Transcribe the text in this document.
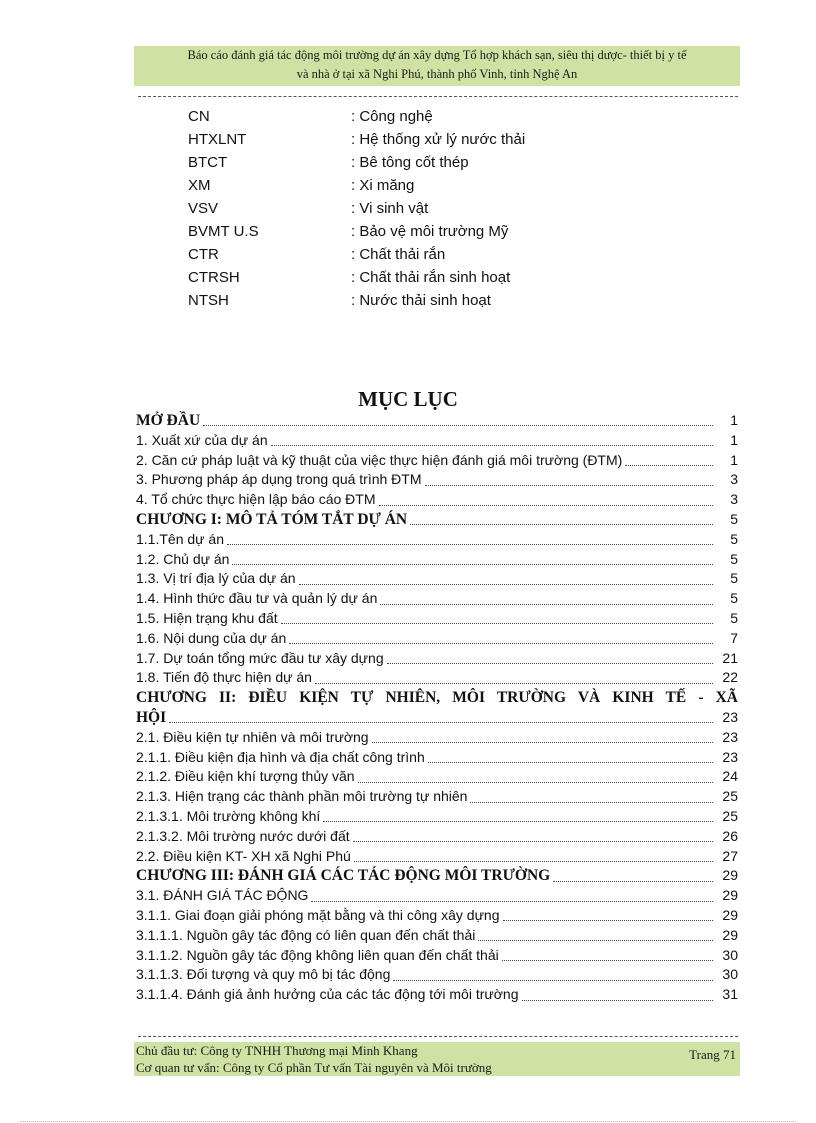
Báo cáo đánh giá tác động môi trường dự án xây dựng Tổ hợp khách sạn, siêu thị dược- thiết bị y tế
và nhà ở tại xã Nghi Phú, thành phố Vinh, tỉnh Nghệ An
CN	: Công nghệ
HTXLNT	: Hệ thống xử lý nước thải
BTCT	: Bê tông cốt thép
XM	: Xi măng
VSV	: Vi sinh vật
BVMT U.S	: Bảo vệ môi trường Mỹ
CTR	: Chất thải rắn
CTRSH	: Chất thải rắn sinh hoạt
NTSH	: Nước thải sinh hoạt
MỤC LỤC
MỞ ĐẦU	1
1. Xuất xứ của dự án	1
2. Căn cứ pháp luật và kỹ thuật của việc thực hiện đánh giá môi trường (ĐTM)	1
3. Phương pháp áp dụng trong quá trình ĐTM	3
4. Tổ chức thực hiện lập báo cáo ĐTM	3
CHƯƠNG I: MÔ TẢ TÓM TẮT DỰ ÁN	5
1.1.Tên dự án	5
1.2. Chủ dự án	5
1.3. Vị trí địa lý của dự án	5
1.4. Hình thức đầu tư và quản lý dự án	5
1.5. Hiện trạng khu đất	5
1.6. Nội dung của dự án	7
1.7. Dự toán tổng mức đầu tư xây dựng	21
1.8. Tiến độ thực hiện dự án	22
CHƯƠNG II: ĐIỀU KIỆN TỰ NHIÊN, MÔI TRƯỜNG VÀ KINH TẾ - XÃ
HỘI	23
2.1. Điều kiện tự nhiên và môi trường	23
2.1.1. Điều kiện địa hình và địa chất công trình	23
2.1.2. Điều kiện khí tượng thủy văn	24
2.1.3. Hiện trạng các thành phần môi trường tự nhiên	25
2.1.3.1. Môi trường không khí	25
2.1.3.2. Môi trường nước dưới đất	26
2.2. Điều kiện KT- XH xã Nghi Phú	27
CHƯƠNG III: ĐÁNH GIÁ CÁC TÁC ĐỘNG MÔI TRƯỜNG	29
3.1. ĐÁNH GIÁ TÁC ĐỘNG	29
3.1.1. Giai đoạn giải phóng mặt bằng và thi công xây dựng	29
3.1.1.1. Nguồn gây tác động có liên quan đến chất thải	29
3.1.1.2. Nguồn gây tác động không liên quan đến chất thải	30
3.1.1.3. Đối tượng và quy mô bị tác động	30
3.1.1.4. Đánh giá ảnh hưởng của các tác động tới môi trường	31
Chủ đầu tư: Công ty TNHH Thương mại Minh Khang
Cơ quan tư vấn: Công ty Cổ phần Tư vấn Tài nguyên và Môi trường
Trang 71
